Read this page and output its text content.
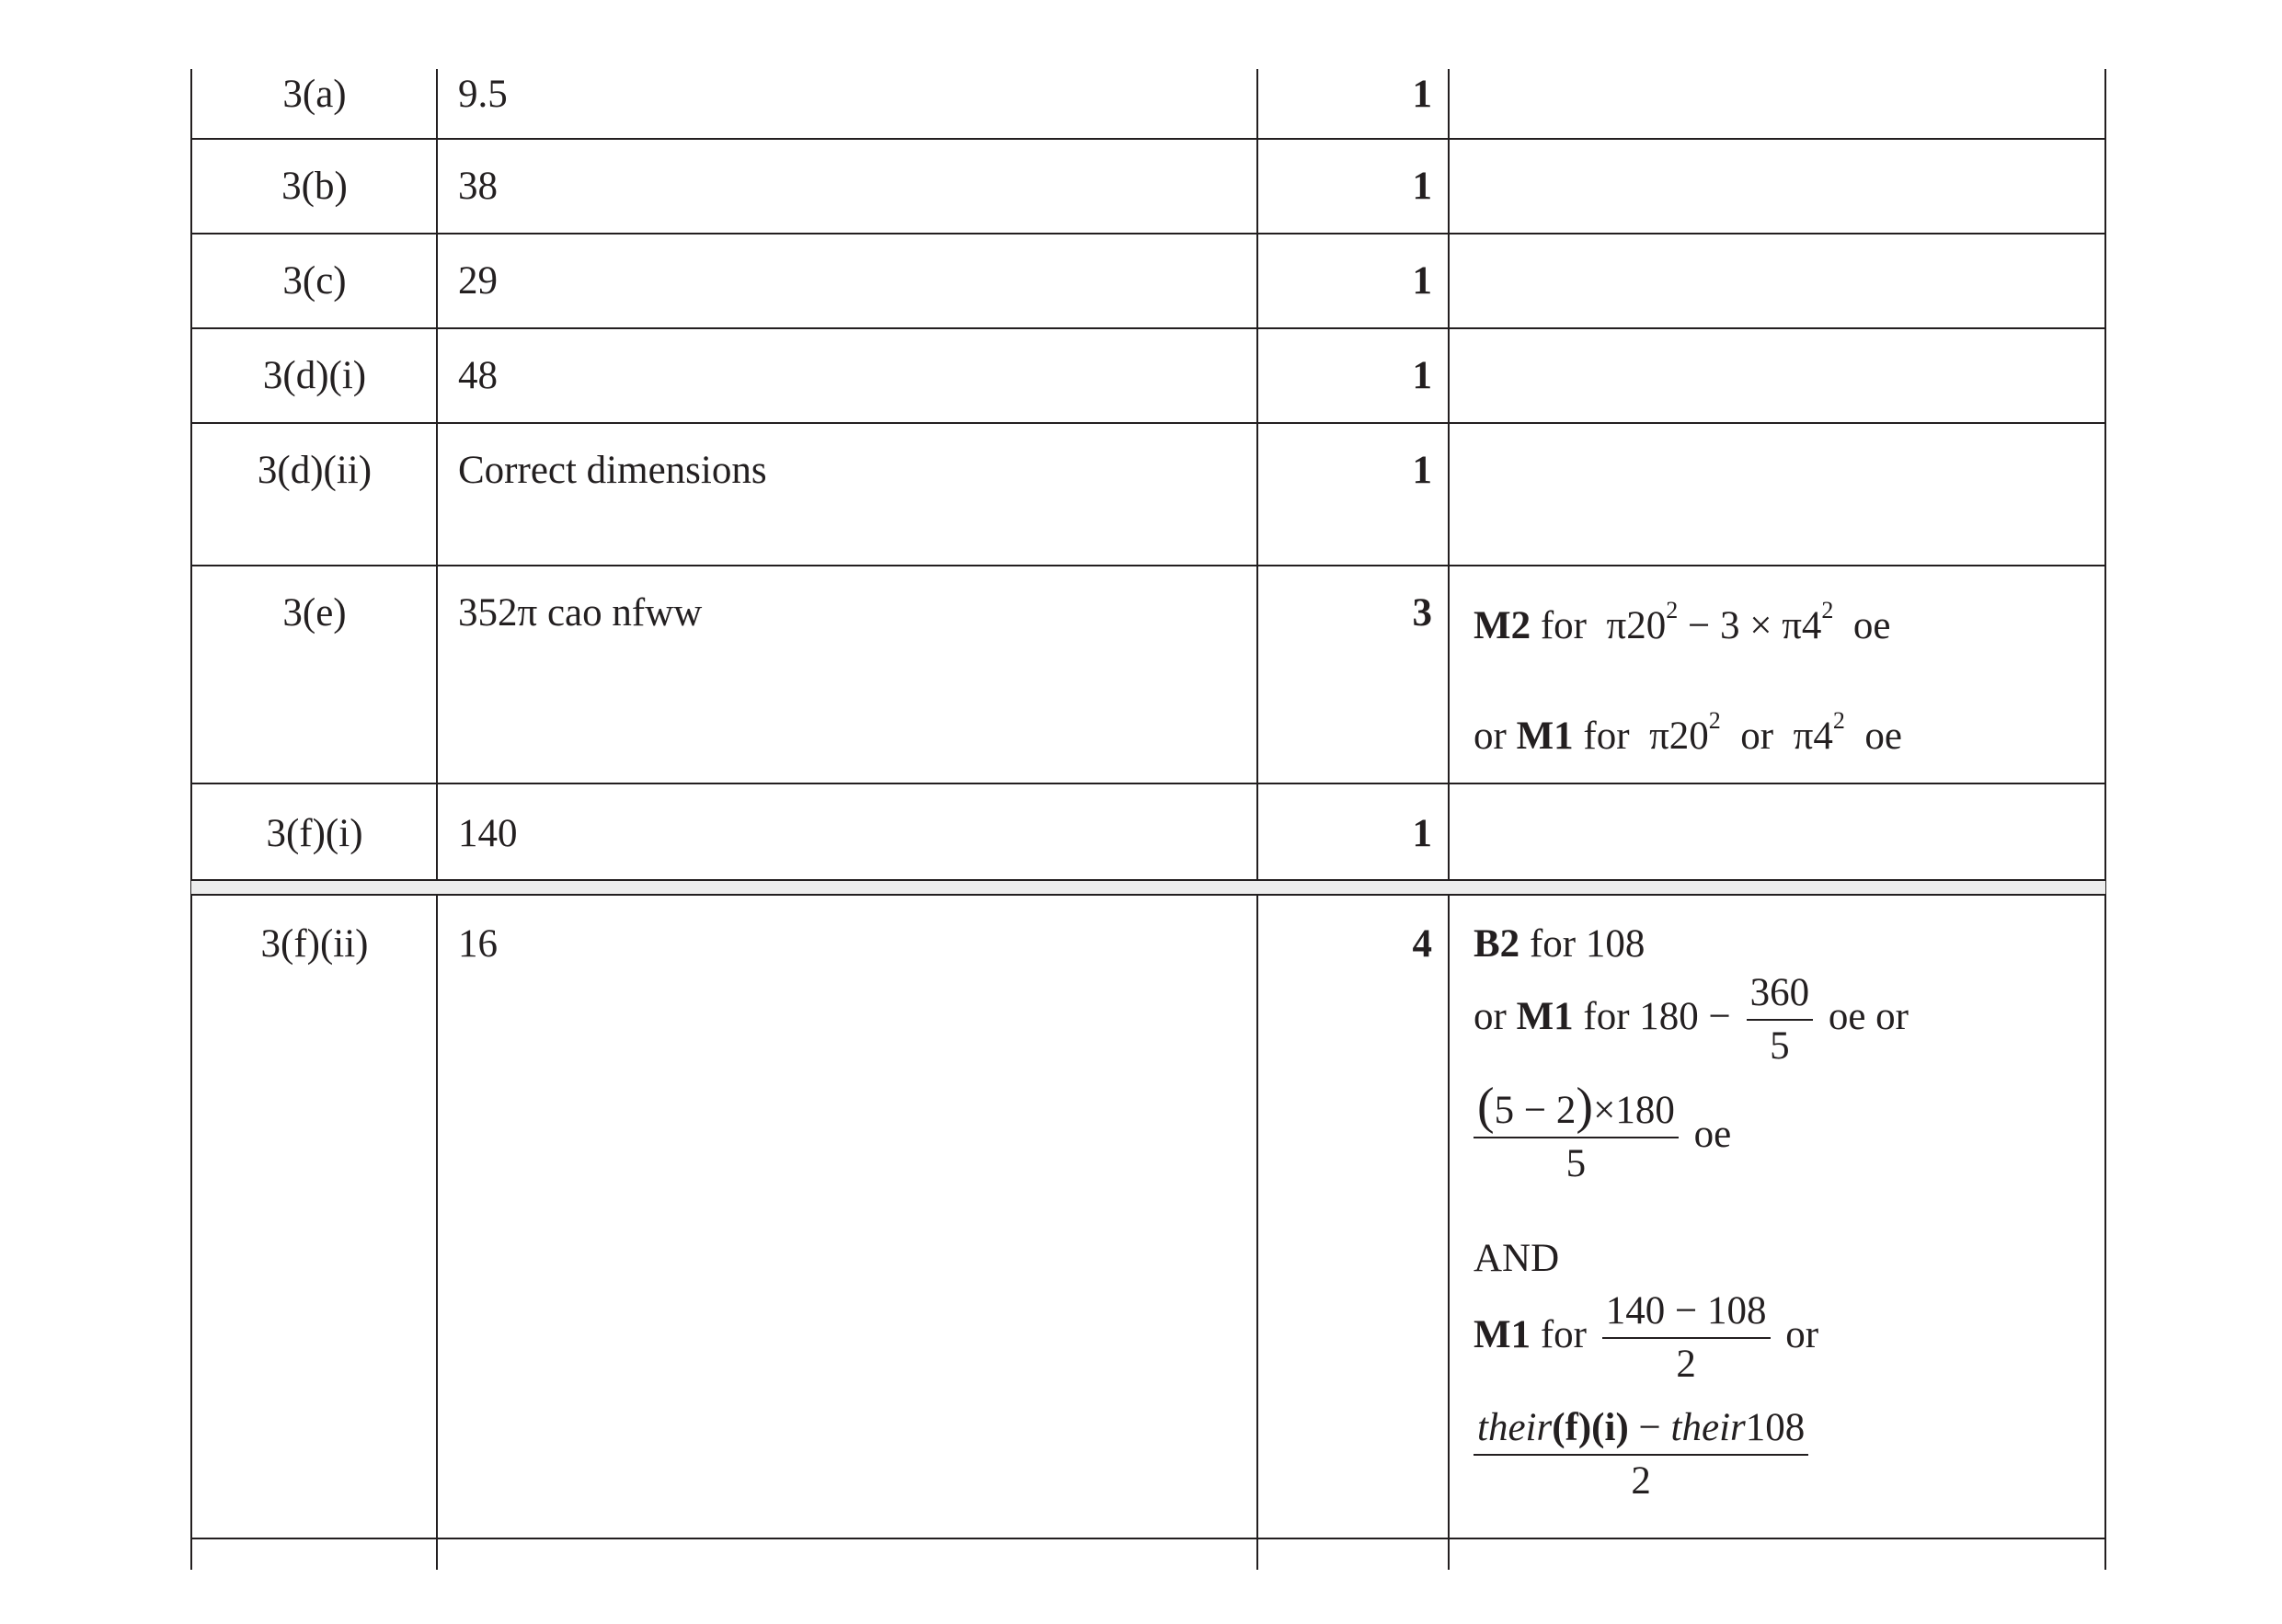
3(a)	9.5	1
3(b)	38	1
3(c)	29	1
3(d)(i)	48	1
3(d)(ii)	Correct dimensions	1
3(e)	352π cao nfww	3 M2 for $\pi 20^2 - 3 \times \pi 4^2$ oe
or M1 for $\pi 20^2$ or $\pi 4^2$ oe
3(f)(i)	140	1
3(f)(ii)	16	4 B2 for 108
or M1 for $180 - \frac{360}{5}$ oe or
$\frac{(5 - 2)\times 180}{5}$ oe
AND
M1 for $\frac{140 - 108}{2}$ or
$\frac{\text{their(f)(i) − their108}}{2}$
